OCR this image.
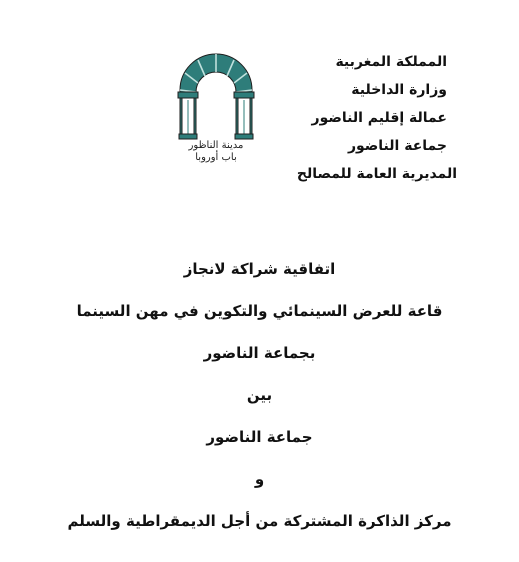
المملكة المغربية
وزارة الداخلية
عمالة إقليم الناضور
جماعة الناضور
المديرية العامة للمصالح
مدينة الناظور
باب أوروبا
اتفاقية شراكة لانجاز
قاعة للعرض السينمائي والتكوين في مهن السينما
بجماعة الناضور
بين
جماعة الناضور
و
مركز الذاكرة المشتركة من أجل الديمقراطية والسلم
